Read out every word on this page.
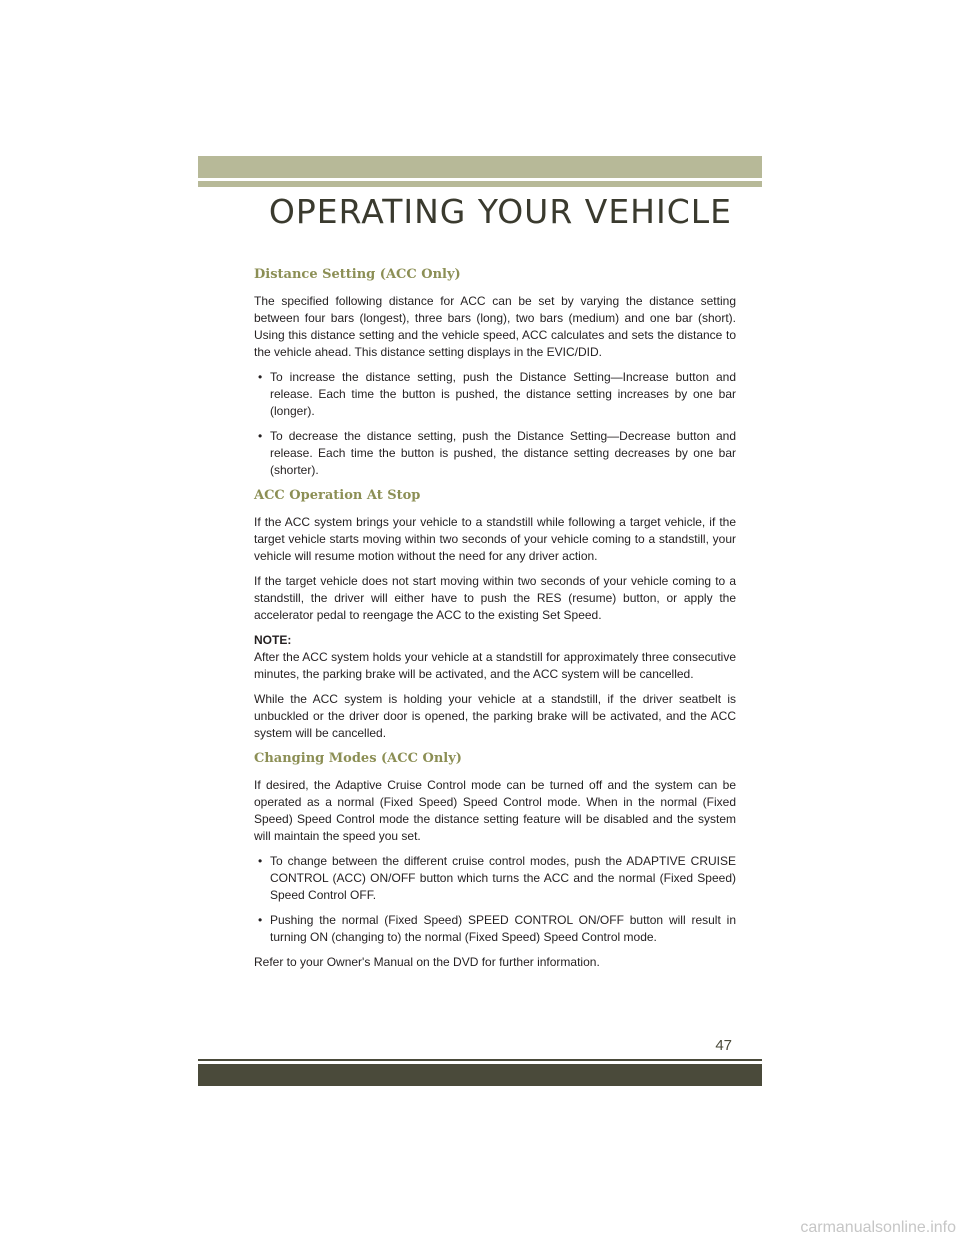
OPERATING YOUR VEHICLE
Distance Setting (ACC Only)

The specified following distance for ACC can be set by varying the distance setting between four bars (longest), three bars (long), two bars (medium) and one bar (short). Using this distance setting and the vehicle speed, ACC calculates and sets the distance to the vehicle ahead. This distance setting displays in the EVIC/DID.

• To increase the distance setting, push the Distance Setting—Increase button and release. Each time the button is pushed, the distance setting increases by one bar (longer).
• To decrease the distance setting, push the Distance Setting—Decrease button and release. Each time the button is pushed, the distance setting decreases by one bar (shorter).
ACC Operation At Stop

If the ACC system brings your vehicle to a standstill while following a target vehicle, if the target vehicle starts moving within two seconds of your vehicle coming to a standstill, your vehicle will resume motion without the need for any driver action.

If the target vehicle does not start moving within two seconds of your vehicle coming to a standstill, the driver will either have to push the RES (resume) button, or apply the accelerator pedal to reengage the ACC to the existing Set Speed.

NOTE:

After the ACC system holds your vehicle at a standstill for approximately three consecutive minutes, the parking brake will be activated, and the ACC system will be cancelled.

While the ACC system is holding your vehicle at a standstill, if the driver seatbelt is unbuckled or the driver door is opened, the parking brake will be activated, and the ACC system will be cancelled.

Changing Modes (ACC Only)

If desired, the Adaptive Cruise Control mode can be turned off and the system can be operated as a normal (Fixed Speed) Speed Control mode. When in the normal (Fixed Speed) Speed Control mode the distance setting feature will be disabled and the system will maintain the speed you set.

• To change between the different cruise control modes, push the ADAPTIVE CRUISE CONTROL (ACC) ON/OFF button which turns the ACC and the normal (Fixed Speed) Speed Control OFF.
• Pushing the normal (Fixed Speed) SPEED CONTROL ON/OFF button will result in turning ON (changing to) the normal (Fixed Speed) Speed Control mode.

Refer to your Owner's Manual on the DVD for further information.

47
carmanualsonline.info
